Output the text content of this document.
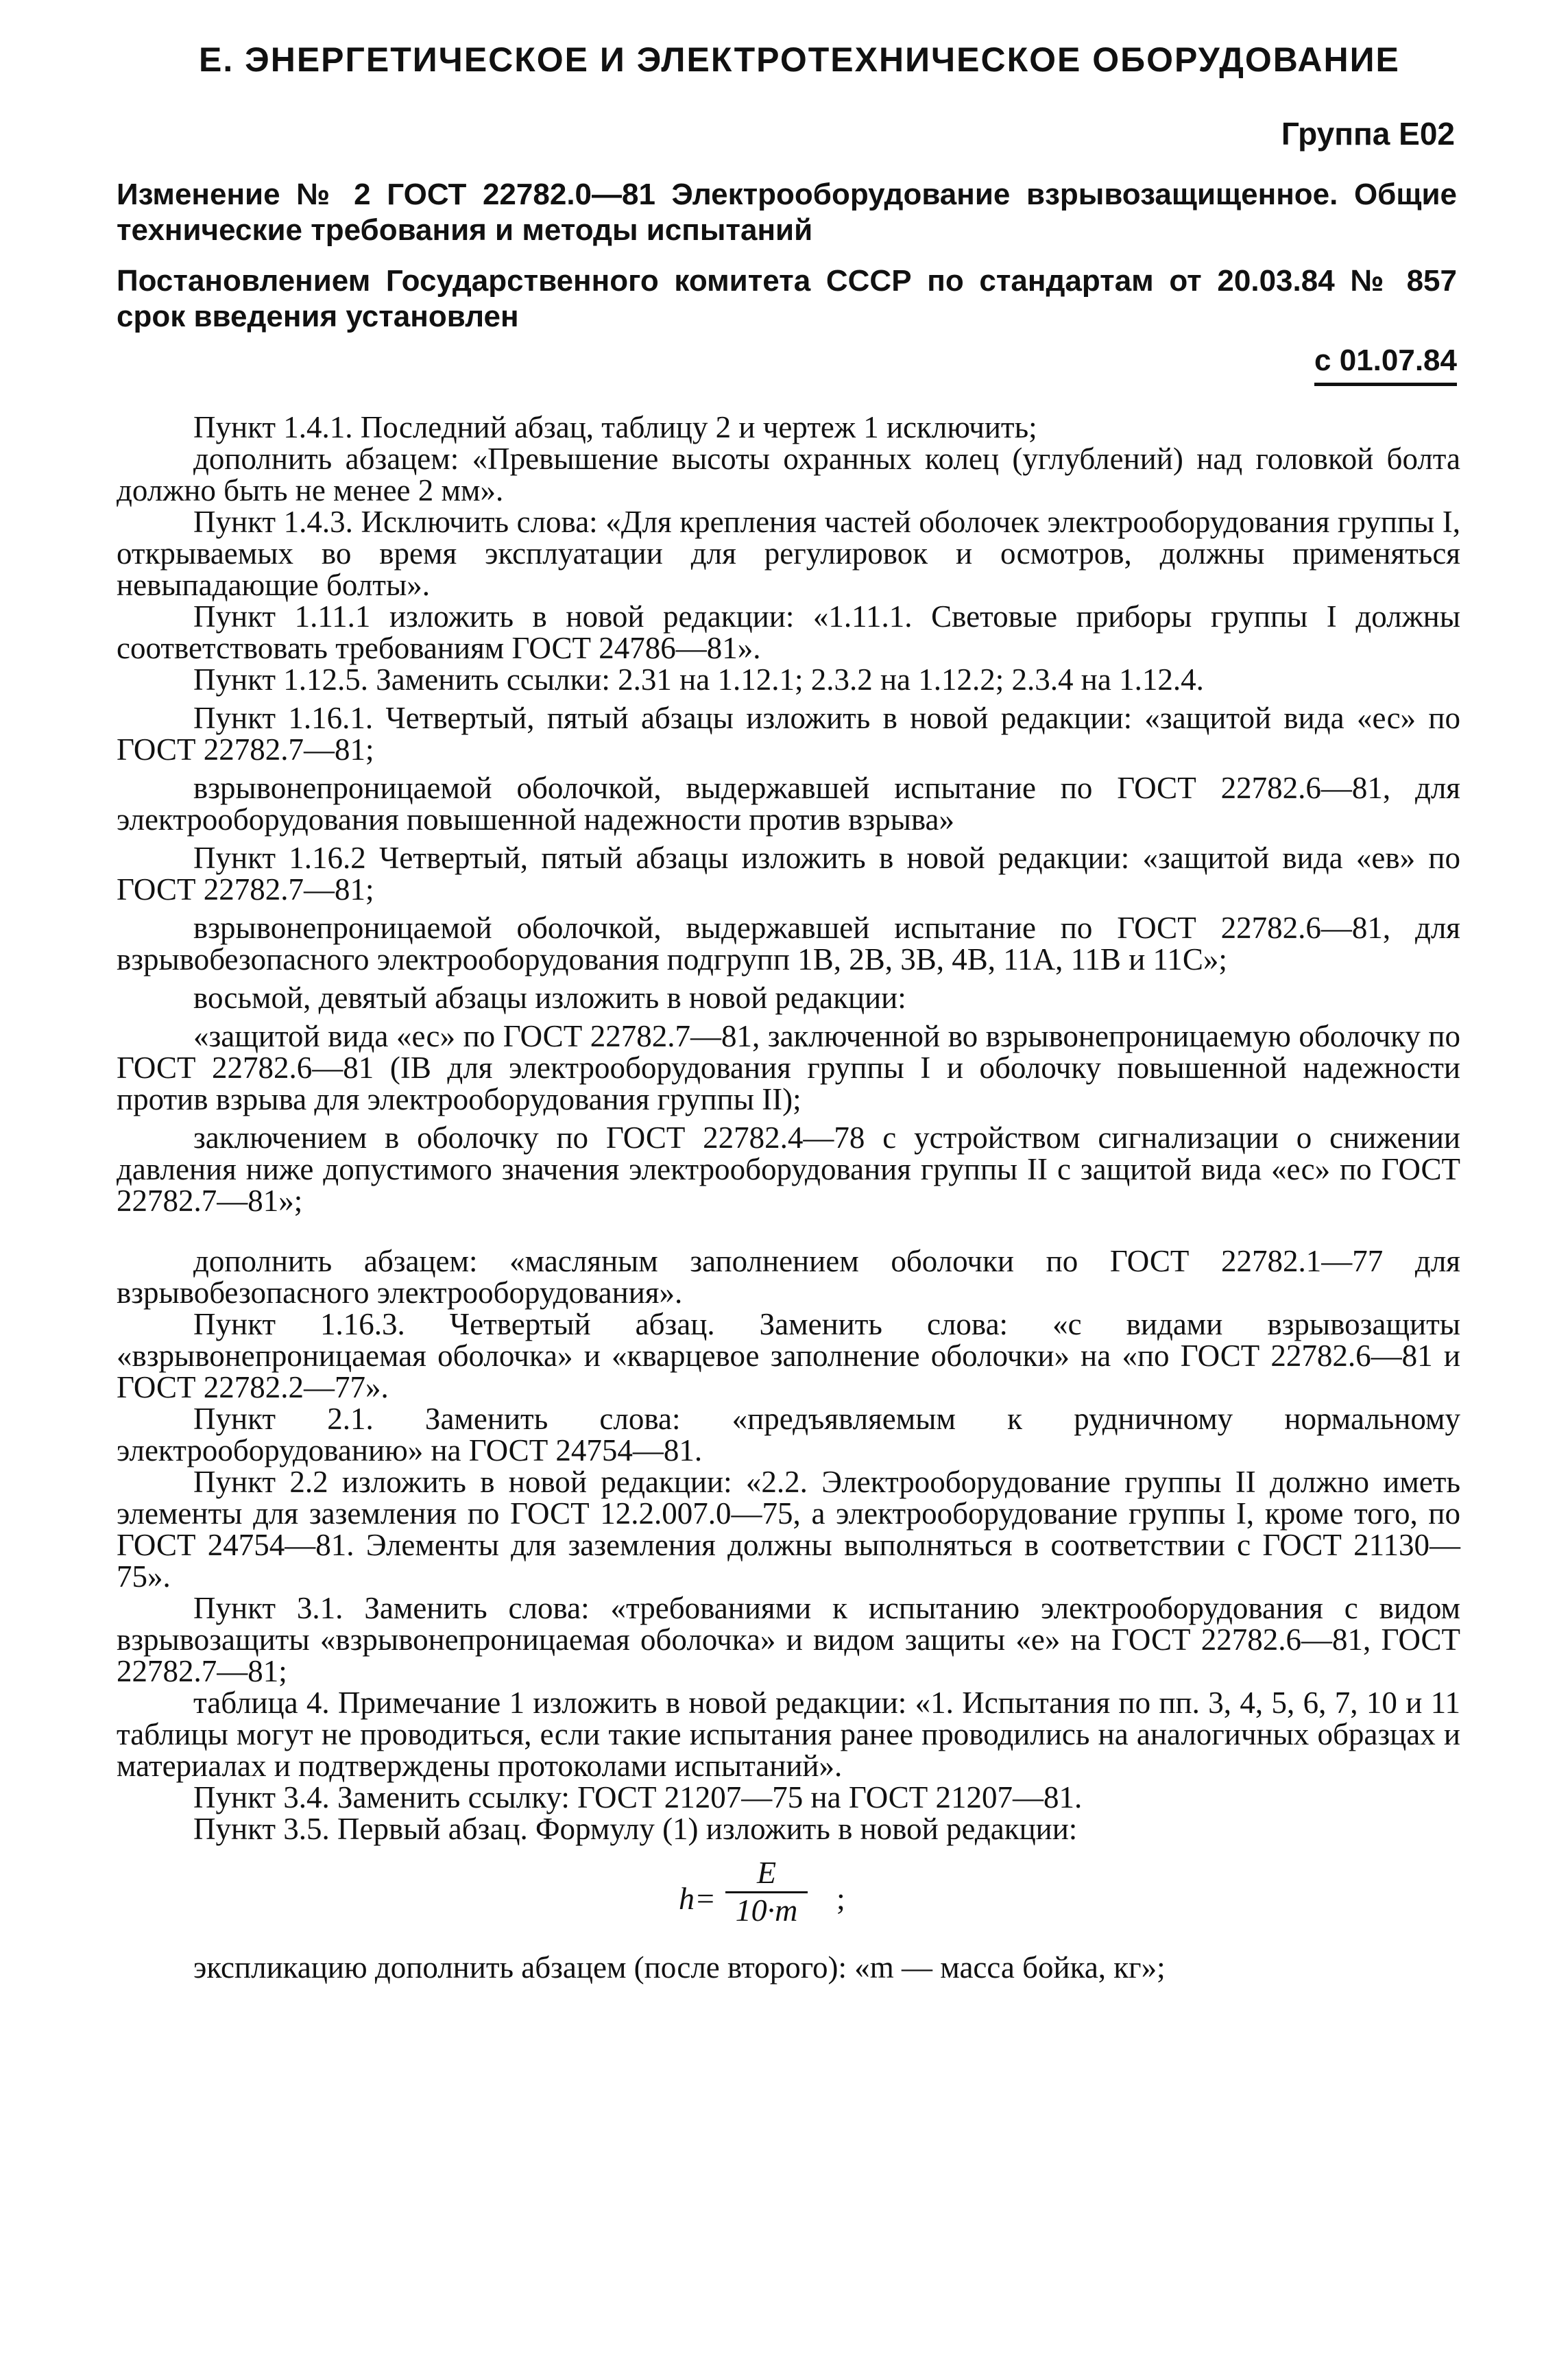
Е. ЭНЕРГЕТИЧЕСКОЕ И ЭЛЕКТРОТЕХНИЧЕСКОЕ ОБОРУДОВАНИЕ
Группа Е02
Изменение № 2 ГОСТ 22782.0—81 Электрооборудование взрывозащищенное. Общие технические требования и методы испытаний
Постановлением Государственного комитета СССР по стандартам от 20.03.84 № 857 срок введения установлен
с 01.07.84

Пункт 1.4.1. Последний абзац, таблицу 2 и чертеж 1 исключить;

дополнить абзацем: «Превышение высоты охранных колец (углублений) над головкой болта должно быть не менее 2 мм».

Пункт 1.4.3. Исключить слова: «Для крепления частей оболочек электрооборудования группы I, открываемых во время эксплуатации для регулировок и осмотров, должны применяться невыпадающие болты».

Пункт 1.11.1 изложить в новой редакции: «1.11.1. Световые приборы группы I должны соответствовать требованиям ГОСТ 24786—81».

Пункт 1.12.5. Заменить ссылки: 2.31 на 1.12.1; 2.3.2 на 1.12.2; 2.3.4 на 1.12.4.

Пункт 1.16.1. Четвертый, пятый абзацы изложить в новой редакции: «защитой вида «ес» по ГОСТ 22782.7—81;

взрывонепроницаемой оболочкой, выдержавшей испытание по ГОСТ 22782.6—81, для электрооборудования повышенной надежности против взрыва»

Пункт 1.16.2 Четвертый, пятый абзацы изложить в новой редакции: «защитой вида «ев» по ГОСТ 22782.7—81;

взрывонепроницаемой оболочкой, выдержавшей испытание по ГОСТ 22782.6—81, для взрывобезопасного электрооборудования подгрупп 1В, 2В, 3В, 4В, 11А, 11В и 11С»;

восьмой, девятый абзацы изложить в новой редакции:

«защитой вида «ес» по ГОСТ 22782.7—81, заключенной во взрывонепроницаемую оболочку по ГОСТ 22782.6—81 (IВ для электрооборудования группы I и оболочку повышенной надежности против взрыва для электрооборудования группы II);

заключением в оболочку по ГОСТ 22782.4—78 с устройством сигнализации о снижении давления ниже допустимого значения электрооборудования группы II с защитой вида «ес» по ГОСТ 22782.7—81»;

дополнить абзацем: «масляным заполнением оболочки по ГОСТ 22782.1—77 для взрывобезопасного электрооборудования».

Пункт 1.16.3. Четвертый абзац. Заменить слова: «с видами взрывозащиты «взрывонепроницаемая оболочка» и «кварцевое заполнение оболочки» на «по ГОСТ 22782.6—81 и ГОСТ 22782.2—77».

Пункт 2.1. Заменить слова: «предъявляемым к рудничному нормальному электрооборудованию» на ГОСТ 24754—81.

Пункт 2.2 изложить в новой редакции: «2.2. Электрооборудование группы II должно иметь элементы для заземления по ГОСТ 12.2.007.0—75, а электрооборудование группы I, кроме того, по ГОСТ 24754—81. Элементы для заземления должны выполняться в соответствии с ГОСТ 21130—75».

Пункт 3.1. Заменить слова: «требованиями к испытанию электрооборудования с видом взрывозащиты «взрывонепроницаемая оболочка» и видом защиты «е» на ГОСТ 22782.6—81, ГОСТ 22782.7—81;

таблица 4. Примечание 1 изложить в новой редакции: «1. Испытания по пп. 3, 4, 5, 6, 7, 10 и 11 таблицы могут не проводиться, если такие испытания ранее проводились на аналогичных образцах и материалах и подтверждены протоколами испытаний».

Пункт 3.4. Заменить ссылку: ГОСТ 21207—75 на ГОСТ 21207—81.

Пункт 3.5. Первый абзац. Формулу (1) изложить в новой редакции:

h=
E
10·m	;

экспликацию дополнить абзацем (после второго): «m — масса бойка, кг»;
